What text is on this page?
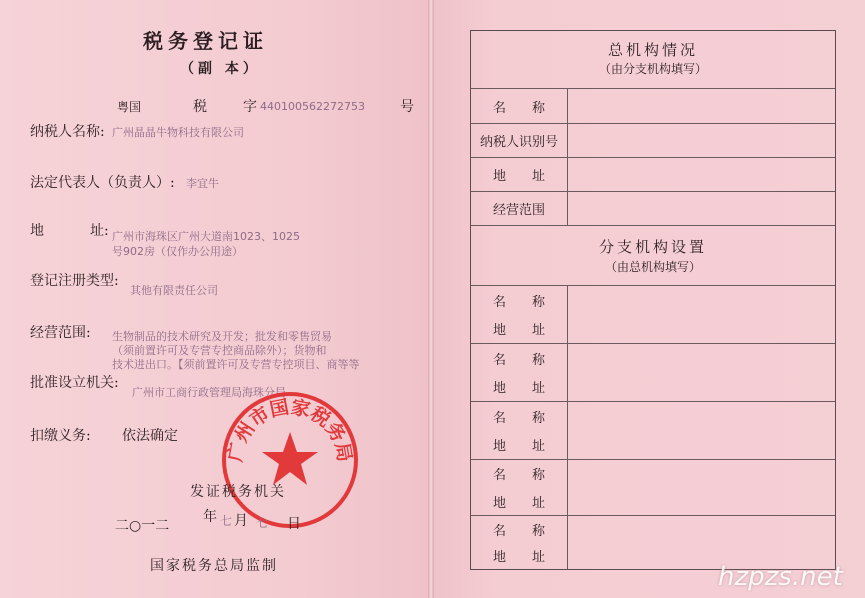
税务登记证
（副 本）
粤国	税	字 440100562272753	号
纳税人名称: 广州晶晶牛物科技有限公司
法定代表人（负责人）: 李宜牛
地	址: 广州市海珠区广州大道南1023、1025
号902房（仅作办公用途）
登记注册类型:
其他有限责任公司
经营范围: 生物制品的技术研究及开发；批发和零售贸易
（须前置许可及专营专控商品除外）；货物和
技术进出口。【须前置许可及专营专控项目、商等等
批准设立机关:
广州市工商行政管理局海珠分局
扣缴义务: 依法确定
广州市国家税务局
发证税务机关
二○一二
年 七 月 七 日
国家税务总局监制
总机构情况
（由分支机构填写）
名　　称
纳税人识别号
地　　址
经营范围
分支机构设置
（由总机构填写）
名　　称
地　　址
名　　称
地　　址
名　　称
地　　址
名　　称
地　　址
名　　称
地　　址
hzpzs.net
